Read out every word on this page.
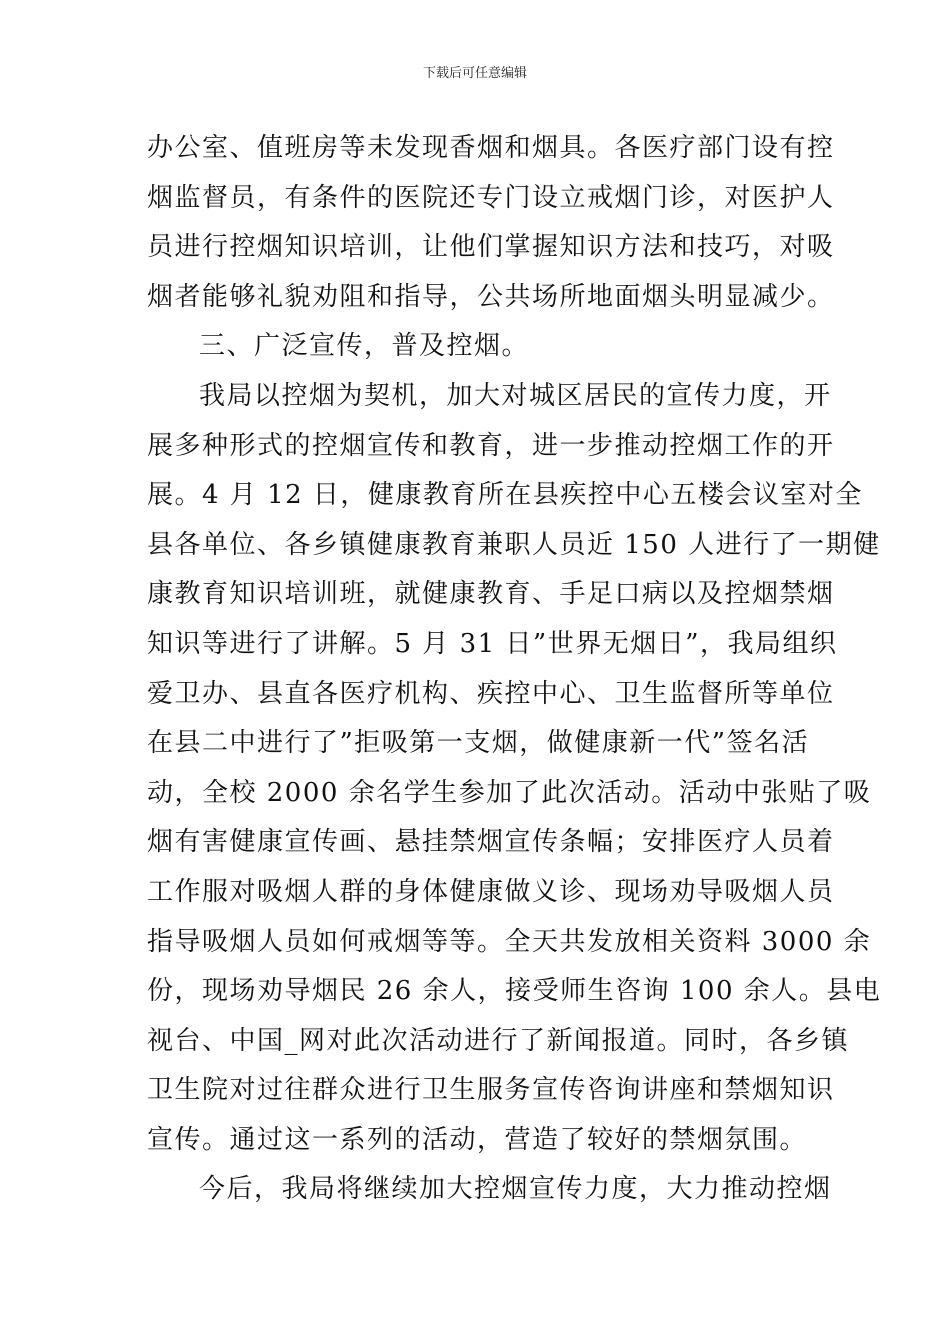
下载后可任意编辑
办公室、值班房等未发现香烟和烟具。各医疗部门设有控
烟监督员，有条件的医院还专门设立戒烟门诊，对医护人
员进行控烟知识培训，让他们掌握知识方法和技巧，对吸
烟者能够礼貌劝阻和指导，公共场所地面烟头明显减少。
三、广泛宣传，普及控烟。
我局以控烟为契机，加大对城区居民的宣传力度，开
展多种形式的控烟宣传和教育，进一步推动控烟工作的开
展。4 月 12 日，健康教育所在县疾控中心五楼会议室对全
县各单位、各乡镇健康教育兼职人员近 150 人进行了一期健
康教育知识培训班，就健康教育、手足口病以及控烟禁烟
知识等进行了讲解。5 月 31 日”世界无烟日”，我局组织
爱卫办、县直各医疗机构、疾控中心、卫生监督所等单位
在县二中进行了”拒吸第一支烟，做健康新一代”签名活
动，全校 2000 余名学生参加了此次活动。活动中张贴了吸
烟有害健康宣传画、悬挂禁烟宣传条幅；安排医疗人员着
工作服对吸烟人群的身体健康做义诊、现场劝导吸烟人员
指导吸烟人员如何戒烟等等。全天共发放相关资料 3000 余
份，现场劝导烟民 26 余人，接受师生咨询 100 余人。县电
视台、中国_网对此次活动进行了新闻报道。同时，各乡镇
卫生院对过往群众进行卫生服务宣传咨询讲座和禁烟知识
宣传。通过这一系列的活动，营造了较好的禁烟氛围。
今后，我局将继续加大控烟宣传力度，大力推动控烟
